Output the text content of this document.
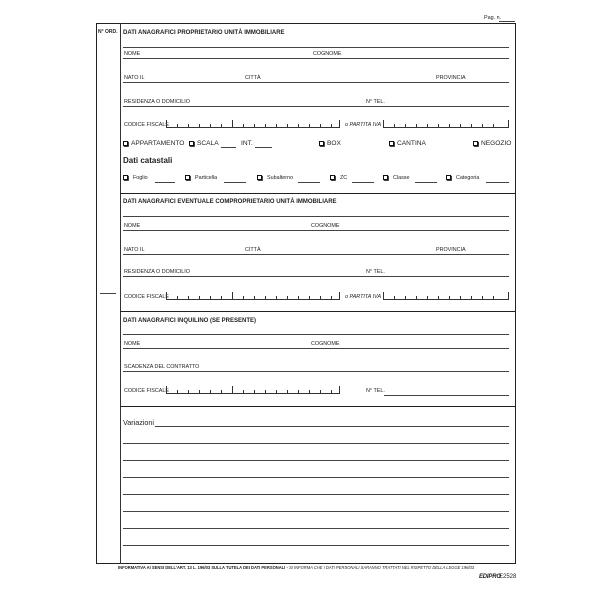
Pag. n.
N° ORD. DATI ANAGRAFICI PROPRIETARIO UNITÀ IMMOBILIARE
NOME	COGNOME
NATO IL	CITTÀ	PROVINCIA
RESIDENZA O DOMICILIO	N° TEL.
CODICE FISCALE	o PARTITA IVA
APPARTAMENTO SCALA	INT.	BOX	CANTINA	NEGOZIO
Dati catastali
Foglio	Particella	Subalterno	ZC	Classe	Categoria
DATI ANAGRAFICI EVENTUALE COMPROPRIETARIO UNITÀ IMMOBILIARE
NOME	COGNOME
NATO IL	CITTÀ	PROVINCIA
RESIDENZA O DOMICILIO	N° TEL.
CODICE FISCALE	o PARTITA IVA
DATI ANAGRAFICI INQUILINO (SE PRESENTE)
NOME	COGNOME
SCADENZA DEL CONTRATTO
CODICE FISCALE	N° TEL.
Variazioni
INFORMATIVA AI SENSI DELL'ART. 13 L. 196/03 SULLA TUTELA DEI DATI PERSONALI - SI INFORMA CHE I DATI PERSONALI SARANNO TRATTATI NEL RISPETTO DELLA LEGGE 196/03
EDIPRO
E2528
